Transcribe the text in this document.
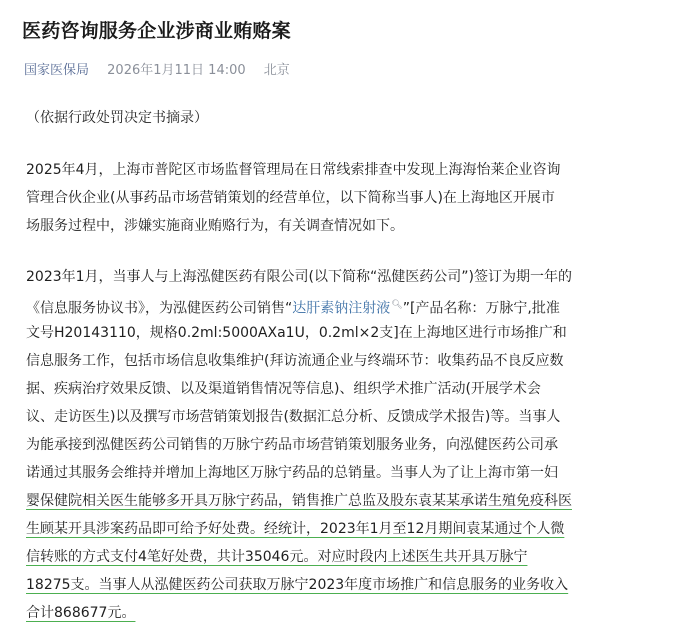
医药咨询服务企业涉商业贿赂案
国家医保局 2026年1月11日 14:00 北京
（依据行政处罚决定书摘录）
2025年4月，上海市普陀区市场监督管理局在日常线索排查中发现上海海怡莱企业咨询
管理合伙企业(从事药品市场营销策划的经营单位，以下简称当事人)在上海地区开展市
场服务过程中，涉嫌实施商业贿赂行为，有关调查情况如下。
2023年1月，当事人与上海泓健医药有限公司(以下简称“泓健医药公司”)签订为期一年的
《信息服务协议书》，为泓健医药公司销售“达肝素钠注射液🔍︎”[产品名称：万脉宁,批准
文号H20143110，规格0.2ml:5000AXa1U，0.2ml×2支]在上海地区进行市场推广和
信息服务工作，包括市场信息收集维护(拜访流通企业与终端环节：收集药品不良反应数
据、疾病治疗效果反馈、以及渠道销售情况等信息)、组织学术推广活动(开展学术会
议、走访医生)以及撰写市场营销策划报告(数据汇总分析、反馈成学术报告)等。当事人
为能承接到泓健医药公司销售的万脉宁药品市场营销策划服务业务，向泓健医药公司承
诺通过其服务会维持并增加上海地区万脉宁药品的总销量。当事人为了让上海市第一妇
婴保健院相关医生能够多开具万脉宁药品，销售推广总监及股东袁某某承诺生殖免疫科医
生顾某开具涉案药品即可给予好处费。经统计，2023年1月至12月期间袁某通过个人微
信转账的方式支付4笔好处费，共计35046元。对应时段内上述医生共开具万脉宁
18275支。当事人从泓健医药公司获取万脉宁2023年度市场推广和信息服务的业务收入
合计868677元。
